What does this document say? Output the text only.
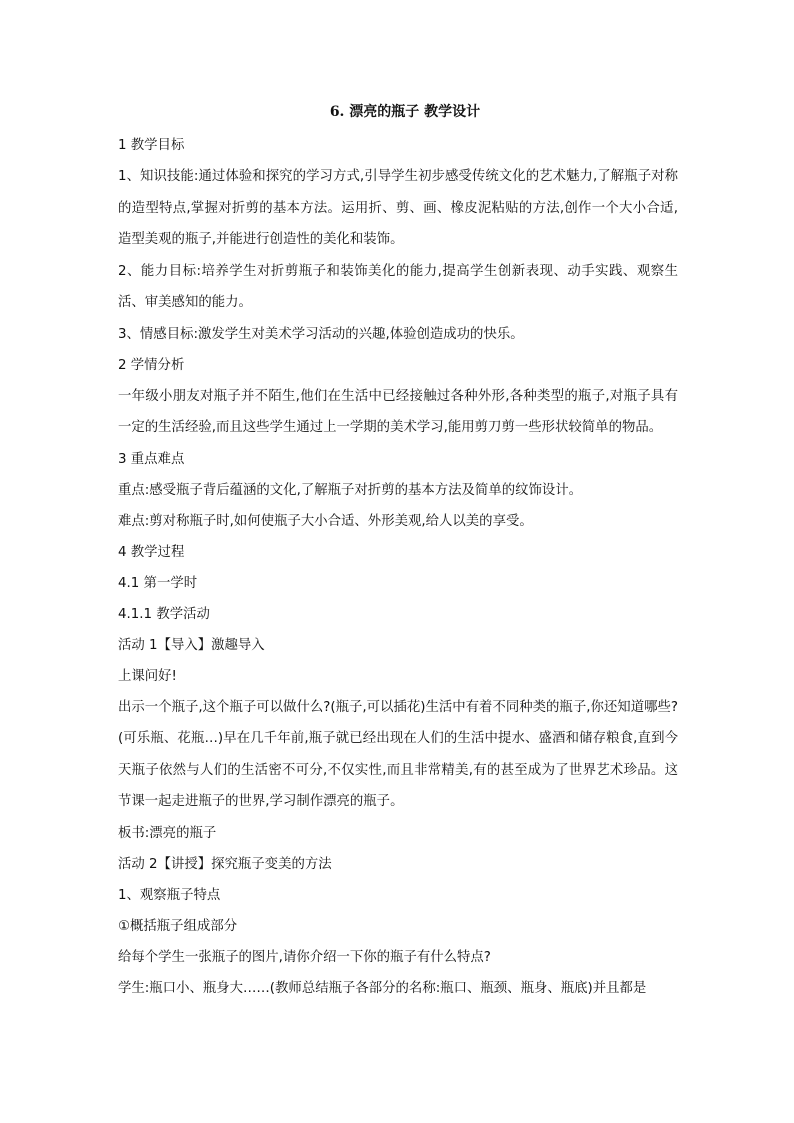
6. 漂亮的瓶子 教学设计

1 教学目标

1、知识技能:通过体验和探究的学习方式,引导学生初步感受传统文化的艺术魅力,了解瓶子对称的造型特点,掌握对折剪的基本方法。运用折、剪、画、橡皮泥粘贴的方法,创作一个大小合适,造型美观的瓶子,并能进行创造性的美化和装饰。

2、能力目标:培养学生对折剪瓶子和装饰美化的能力,提高学生创新表现、动手实践、观察生活、审美感知的能力。

3、情感目标:激发学生对美术学习活动的兴趣,体验创造成功的快乐。

2 学情分析

一年级小朋友对瓶子并不陌生,他们在生活中已经接触过各种外形,各种类型的瓶子,对瓶子具有一定的生活经验,而且这些学生通过上一学期的美术学习,能用剪刀剪一些形状较简单的物品。

3 重点难点

重点:感受瓶子背后蕴涵的文化,了解瓶子对折剪的基本方法及简单的纹饰设计。

难点:剪对称瓶子时,如何使瓶子大小合适、外形美观,给人以美的享受。

4 教学过程

4.1 第一学时

4.1.1 教学活动

活动 1【导入】激趣导入

上课问好!

出示一个瓶子,这个瓶子可以做什么?(瓶子,可以插花)生活中有着不同种类的瓶子,你还知道哪些?(可乐瓶、花瓶…)早在几千年前,瓶子就已经出现在人们的生活中提水、盛酒和储存粮食,直到今天瓶子依然与人们的生活密不可分,不仅实性,而且非常精美,有的甚至成为了世界艺术珍品。这节课一起走进瓶子的世界,学习制作漂亮的瓶子。

板书:漂亮的瓶子

活动 2【讲授】探究瓶子变美的方法

1、观察瓶子特点

①概括瓶子组成部分

给每个学生一张瓶子的图片,请你介绍一下你的瓶子有什么特点?

学生:瓶口小、瓶身大……(教师总结瓶子各部分的名称:瓶口、瓶颈、瓶身、瓶底)并且都是
